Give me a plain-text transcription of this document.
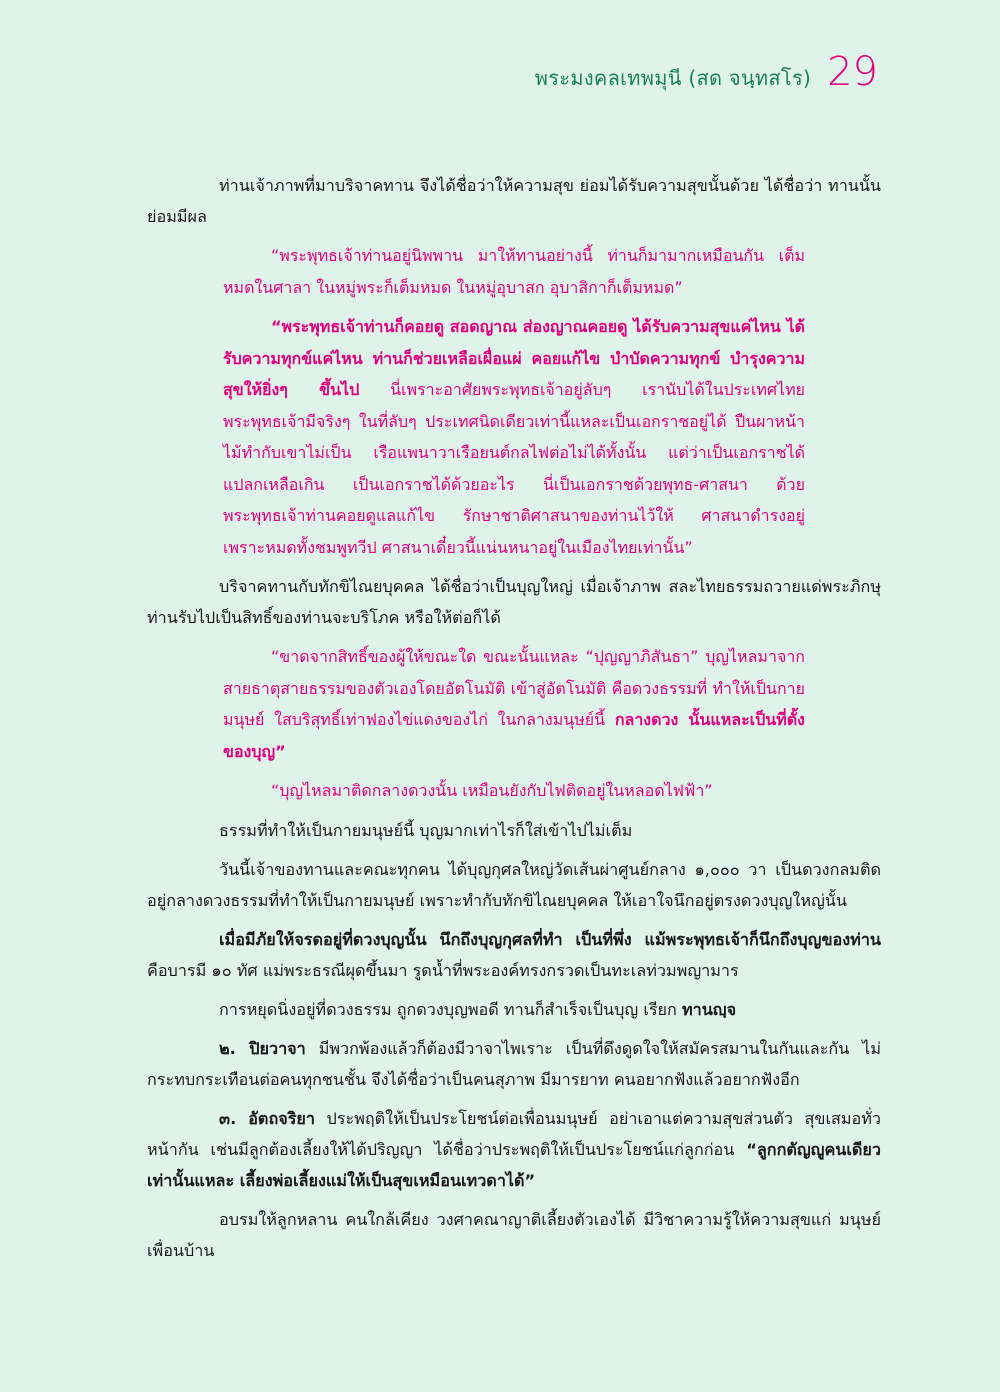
พระมงคลเทพมุนี (สด จนฺทสโร) 29

ท่านเจ้าภาพที่มาบริจาคทาน จึงได้ชื่อว่าให้ความสุข ย่อมได้รับความสุขนั้นด้วย ได้ชื่อว่า ทานนั้นย่อมมีผล

“พระพุทธเจ้าท่านอยู่นิพพาน มาให้ทานอย่างนี้ ท่านก็มามากเหมือนกัน เต็มหมดในศาลา ในหมู่พระก็เต็มหมด ในหมู่อุบาสก อุบาสิกาก็เต็มหมด”

“พระพุทธเจ้าท่านก็คอยดู สอดญาณ ส่องญาณคอยดู ได้รับความสุขแค่ไหน ได้รับความทุกข์แค่ไหน ท่านก็ช่วยเหลือเผื่อแผ่ คอยแก้ไข บำบัดความทุกข์ บำรุงความสุขให้ยิ่งๆ ขึ้นไป นี่เพราะอาศัยพระพุทธเจ้าอยู่ลับๆ เรานับได้ในประเทศไทย พระพุทธเจ้ามีจริงๆ ในที่ลับๆ ประเทศนิดเดียวเท่านี้แหละเป็นเอกราชอยู่ได้ ปืนผาหน้าไม้ทำกับเขาไม่เป็น เรือแพนาวาเรือยนต์กลไฟต่อไม่ได้ทั้งนั้น แต่ว่าเป็นเอกราชได้ แปลกเหลือเกิน เป็นเอกราชได้ด้วยอะไร นี่เป็นเอกราชด้วยพุทธ-ศาสนา ด้วยพระพุทธเจ้าท่านคอยดูแลแก้ไข รักษาชาติศาสนาของท่านไว้ให้ ศาสนาดำรงอยู่ เพราะหมดทั้งชมพูทวีป ศาสนาเดี๋ยวนี้แน่นหนาอยู่ในเมืองไทยเท่านั้น”

บริจาคทานกับทักขิไณยบุคคล ได้ชื่อว่าเป็นบุญใหญ่ เมื่อเจ้าภาพ สละไทยธรรมถวายแด่พระภิกษุ ท่านรับไปเป็นสิทธิ์ของท่านจะบริโภค หรือให้ต่อก็ได้

“ขาดจากสิทธิ์ของผู้ให้ขณะใด ขณะนั้นแหละ “ปุญญาภิสันธา” บุญไหลมาจากสายธาตุสายธรรมของตัวเองโดยอัตโนมัติ เข้าสู่อัตโนมัติ คือดวงธรรมที่ ทำให้เป็นกายมนุษย์ ใสบริสุทธิ์เท่าฟองไข่แดงของไก่ ในกลางมนุษย์นี้ กลางดวง นั้นแหละเป็นที่ตั้งของบุญ”

“บุญไหลมาติดกลางดวงนั้น เหมือนยังกับไฟติดอยู่ในหลอดไฟฟ้า”

ธรรมที่ทำให้เป็นกายมนุษย์นี้ บุญมากเท่าไรก็ใส่เข้าไปไม่เต็ม

วันนี้เจ้าของทานและคณะทุกคน ได้บุญกุศลใหญ่วัดเส้นผ่าศูนย์กลาง ๑,๐๐๐ วา เป็นดวงกลมติดอยู่กลางดวงธรรมที่ทำให้เป็นกายมนุษย์ เพราะทำกับทักขิไณยบุคคล ให้เอาใจนึกอยู่ตรงดวงบุญใหญ่นั้น

เมื่อมีภัยให้จรดอยู่ที่ดวงบุญนั้น นึกถึงบุญกุศลที่ทำ เป็นที่พึ่ง แม้พระพุทธเจ้าก็นึกถึงบุญของท่าน คือบารมี ๑๐ ทัศ แม่พระธรณีผุดขึ้นมา รูดน้ำที่พระองค์ทรงกรวดเป็นทะเลท่วมพญามาร

การหยุดนิ่งอยู่ที่ดวงธรรม ถูกดวงบุญพอดี ทานก็สำเร็จเป็นบุญ เรียก ทานญฺจ

๒. ปิยวาจา มีพวกพ้องแล้วก็ต้องมีวาจาไพเราะ เป็นที่ดึงดูดใจให้สมัครสมานในกันและกัน ไม่กระทบกระเทือนต่อคนทุกชนชั้น จึงได้ชื่อว่าเป็นคนสุภาพ มีมารยาท คนอยากฟังแล้วอยากฟังอีก

๓. อัตถจริยา ประพฤติให้เป็นประโยชน์ต่อเพื่อนมนุษย์ อย่าเอาแต่ความสุขส่วนตัว สุขเสมอทั่วหน้ากัน เช่นมีลูกต้องเลี้ยงให้ได้ปริญญา ได้ชื่อว่าประพฤติให้เป็นประโยชน์แก่ลูกก่อน “ลูกกตัญญูคนเดียวเท่านั้นแหละ เลี้ยงพ่อเลี้ยงแม่ให้เป็นสุขเหมือนเทวดาได้”

อบรมให้ลูกหลาน คนใกล้เคียง วงศาคณาญาติเลี้ยงตัวเองได้ มีวิชาความรู้ให้ความสุขแก่ มนุษย์เพื่อนบ้าน
